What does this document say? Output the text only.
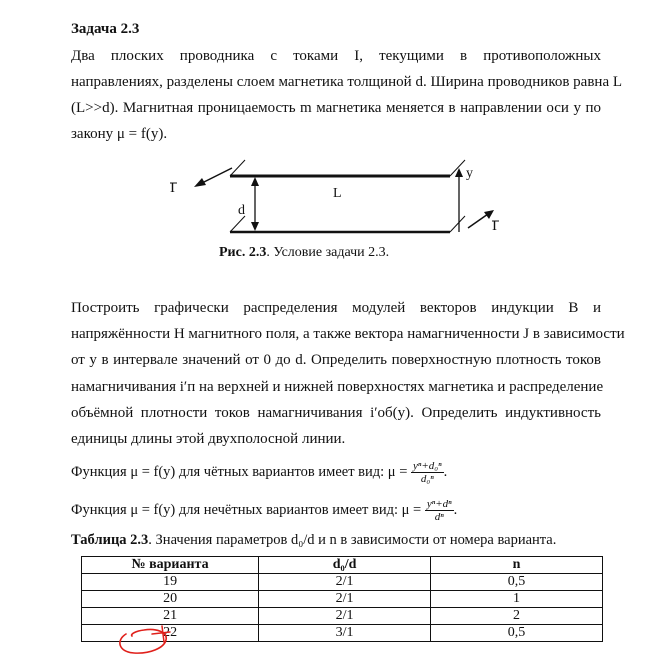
Задача 2.3
Два плоских проводника с токами I, текущими в противоположных
направлениях, разделены слоем магнетика толщиной d. Ширина проводников равна L
(L>>d). Магнитная проницаемость m магнетика меняется в направлении оси y по
закону μ = f(y).
I
I
d
L
y
Рис. 2.3. Условие задачи 2.3.
Построить графически распределения модулей векторов индукции B и
напряжённости H магнитного поля, а также вектора намагниченности J в зависимости
от y в интервале значений от 0 до d. Определить поверхностную плотность токов
намагничивания i′п на верхней и нижней поверхностях магнетика и распределение
объёмной плотности токов намагничивания i′об(y). Определить индуктивность
единицы длины этой двухполосной линии.
Функция μ = f(y) для чётных вариантов имеет вид: $\mu = \frac{\text{yⁿ+d₀ⁿ}}{\text{d₀ⁿ}}$ .
Функция μ = f(y) для нечётных вариантов имеет вид: $\mu = \frac{\text{yⁿ+dⁿ}}{\text{dⁿ}}$ .
Таблица 2.3. Значения параметров d₀/d и n в зависимости от номера варианта.
№ варианта	d₀/d	n
19	2/1	0,5
20	2/1	1
21	2/1	2
22	3/1	0,5
